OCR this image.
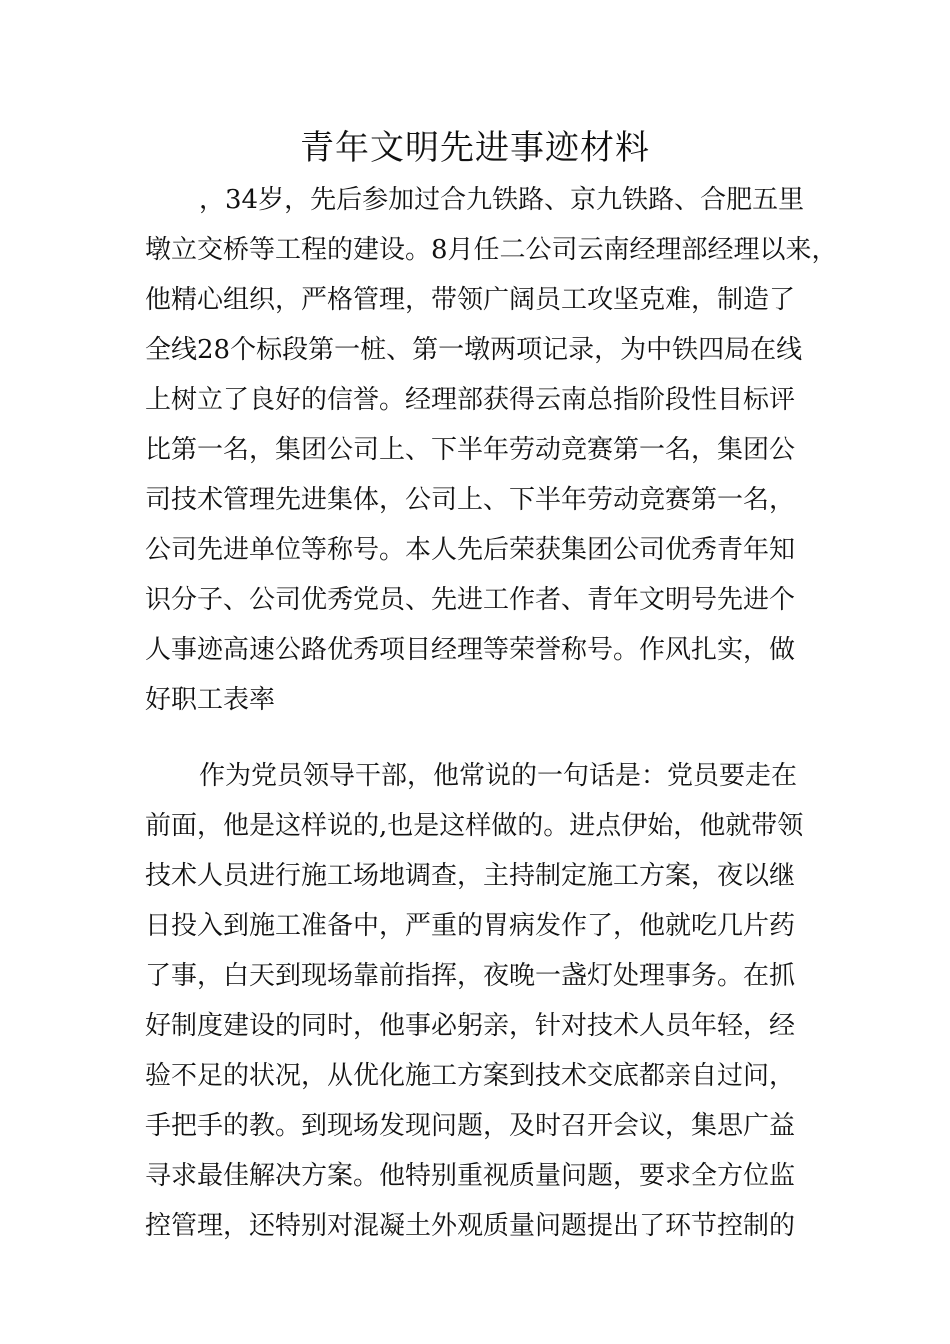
青年文明先进事迹材料
，34岁，先后参加过合九铁路、京九铁路、合肥五里
墩立交桥等工程的建设。8月任二公司云南经理部经理以来，
他精心组织，严格管理，带领广阔员工攻坚克难，制造了
全线28个标段第一桩、第一墩两项记录，为中铁四局在线
上树立了良好的信誉。经理部获得云南总指阶段性目标评
比第一名，集团公司上、下半年劳动竞赛第一名，集团公
司技术管理先进集体，公司上、下半年劳动竞赛第一名，
公司先进单位等称号。本人先后荣获集团公司优秀青年知
识分子、公司优秀党员、先进工作者、青年文明号先进个
人事迹高速公路优秀项目经理等荣誉称号。作风扎实，做
好职工表率
作为党员领导干部，他常说的一句话是：党员要走在
前面，他是这样说的,也是这样做的。进点伊始，他就带领
技术人员进行施工场地调查，主持制定施工方案，夜以继
日投入到施工准备中，严重的胃病发作了，他就吃几片药
了事，白天到现场靠前指挥，夜晚一盏灯处理事务。在抓
好制度建设的同时，他事必躬亲，针对技术人员年轻，经
验不足的状况，从优化施工方案到技术交底都亲自过问，
手把手的教。到现场发现问题，及时召开会议，集思广益
寻求最佳解决方案。他特别重视质量问题，要求全方位监
控管理，还特别对混凝土外观质量问题提出了环节控制的
